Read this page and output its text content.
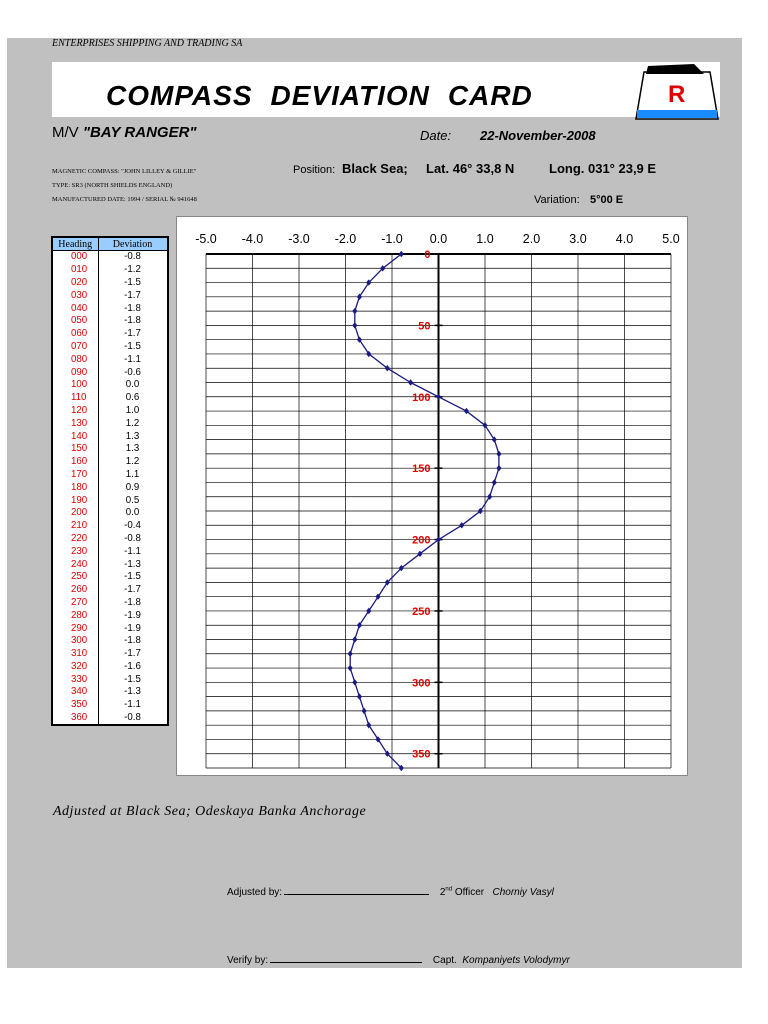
ENTERPRISES SHIPPING AND TRADING SA
COMPASS DEVIATION CARD	R
M/V "BAY RANGER"	Date: 22-November-2008
MAGNETIC COMPASS: "JOHN LILLEY & GILLIE"
TYPE: SR3 (NORTH SHIELDS ENGLAND)
MANUFACTURED DATE: 1994 / SERIAL № 941648
Position: Black Sea; Lat. 46° 33,8 N	Long. 031° 23,9 E
Variation: 5°00 E
Heading	Deviation
000	-0.8
010	-1.2
020	-1.5
030	-1.7
040	-1.8
050	-1.8
060	-1.7
070	-1.5
080	-1.1
090	-0.6
100	0.0
110	0.6
120	1.0
130	1.2
140	1.3
150	1.3
160	1.2
170	1.1
180	0.9
190	0.5
200	0.0
210	-0.4
220	-0.8
230	-1.1
240	-1.3
250	-1.5
260	-1.7
270	-1.8
280	-1.9
290	-1.9
300	-1.8
310	-1.7
320	-1.6
330	-1.5
340	-1.3
350	-1.1
360	-0.8
-5.0 -4.0 -3.0 -2.0 -1.0 0.0 1.0 2.0 3.0 4.0 5.0
0
50
100
150
200
250
300
350
Adjusted at Black Sea; Odeskaya Banka Anchorage
Adjusted by:	2nd Officer Chorniy Vasyl
Verify by:	Capt. Kompaniyets Volodymyr
